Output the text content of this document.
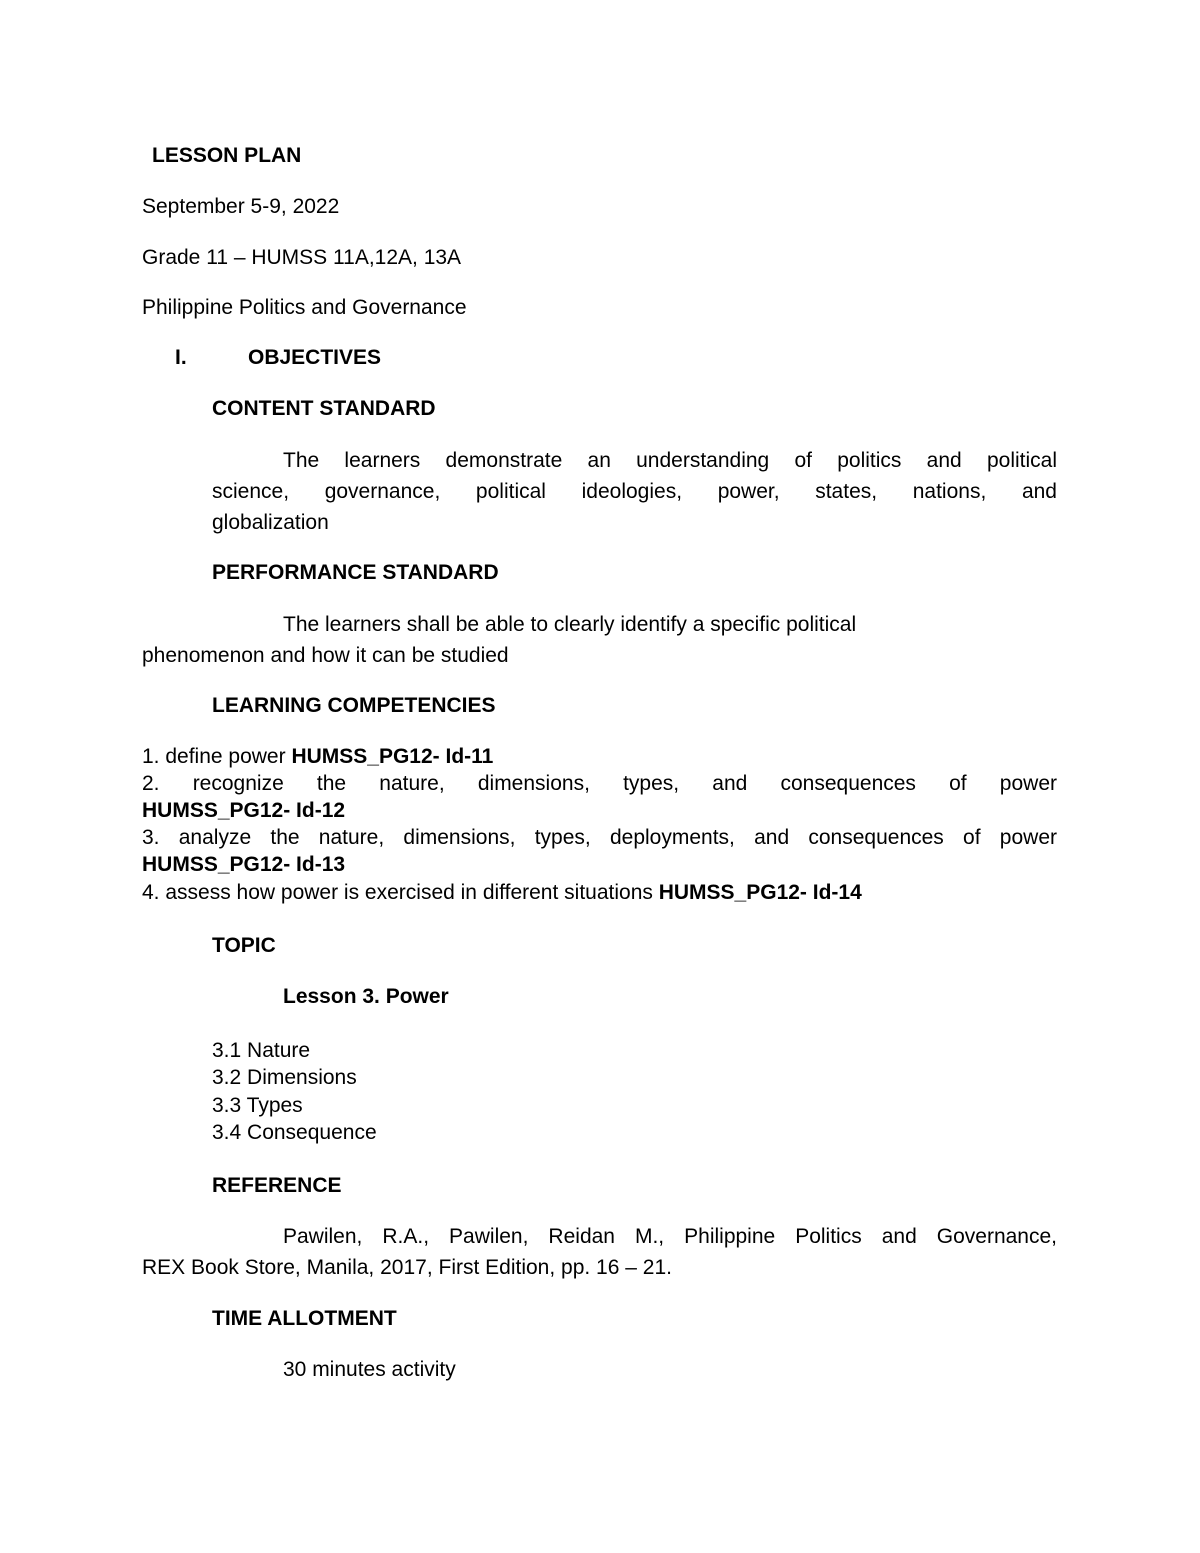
LESSON PLAN
September 5-9, 2022
Grade 11 – HUMSS 11A,12A, 13A
Philippine Politics and Governance
I.	OBJECTIVES
CONTENT STANDARD
The learners demonstrate an understanding of politics and political
science, governance, political ideologies, power, states, nations, and
globalization
PERFORMANCE STANDARD
The learners shall be able to clearly identify a specific political
phenomenon and how it can be studied
LEARNING COMPETENCIES
1. define power HUMSS_PG12- Id-11
2. recognize the nature, dimensions, types, and consequences of power
HUMSS_PG12- Id-12
3. analyze the nature, dimensions, types, deployments, and consequences of power
HUMSS_PG12- Id-13
4. assess how power is exercised in different situations HUMSS_PG12- Id-14
TOPIC
Lesson 3. Power
3.1 Nature
3.2 Dimensions
3.3 Types
3.4 Consequence
REFERENCE
Pawilen, R.A., Pawilen, Reidan M., Philippine Politics and Governance,
REX Book Store, Manila, 2017, First Edition, pp. 16 – 21.
TIME ALLOTMENT
30 minutes activity
